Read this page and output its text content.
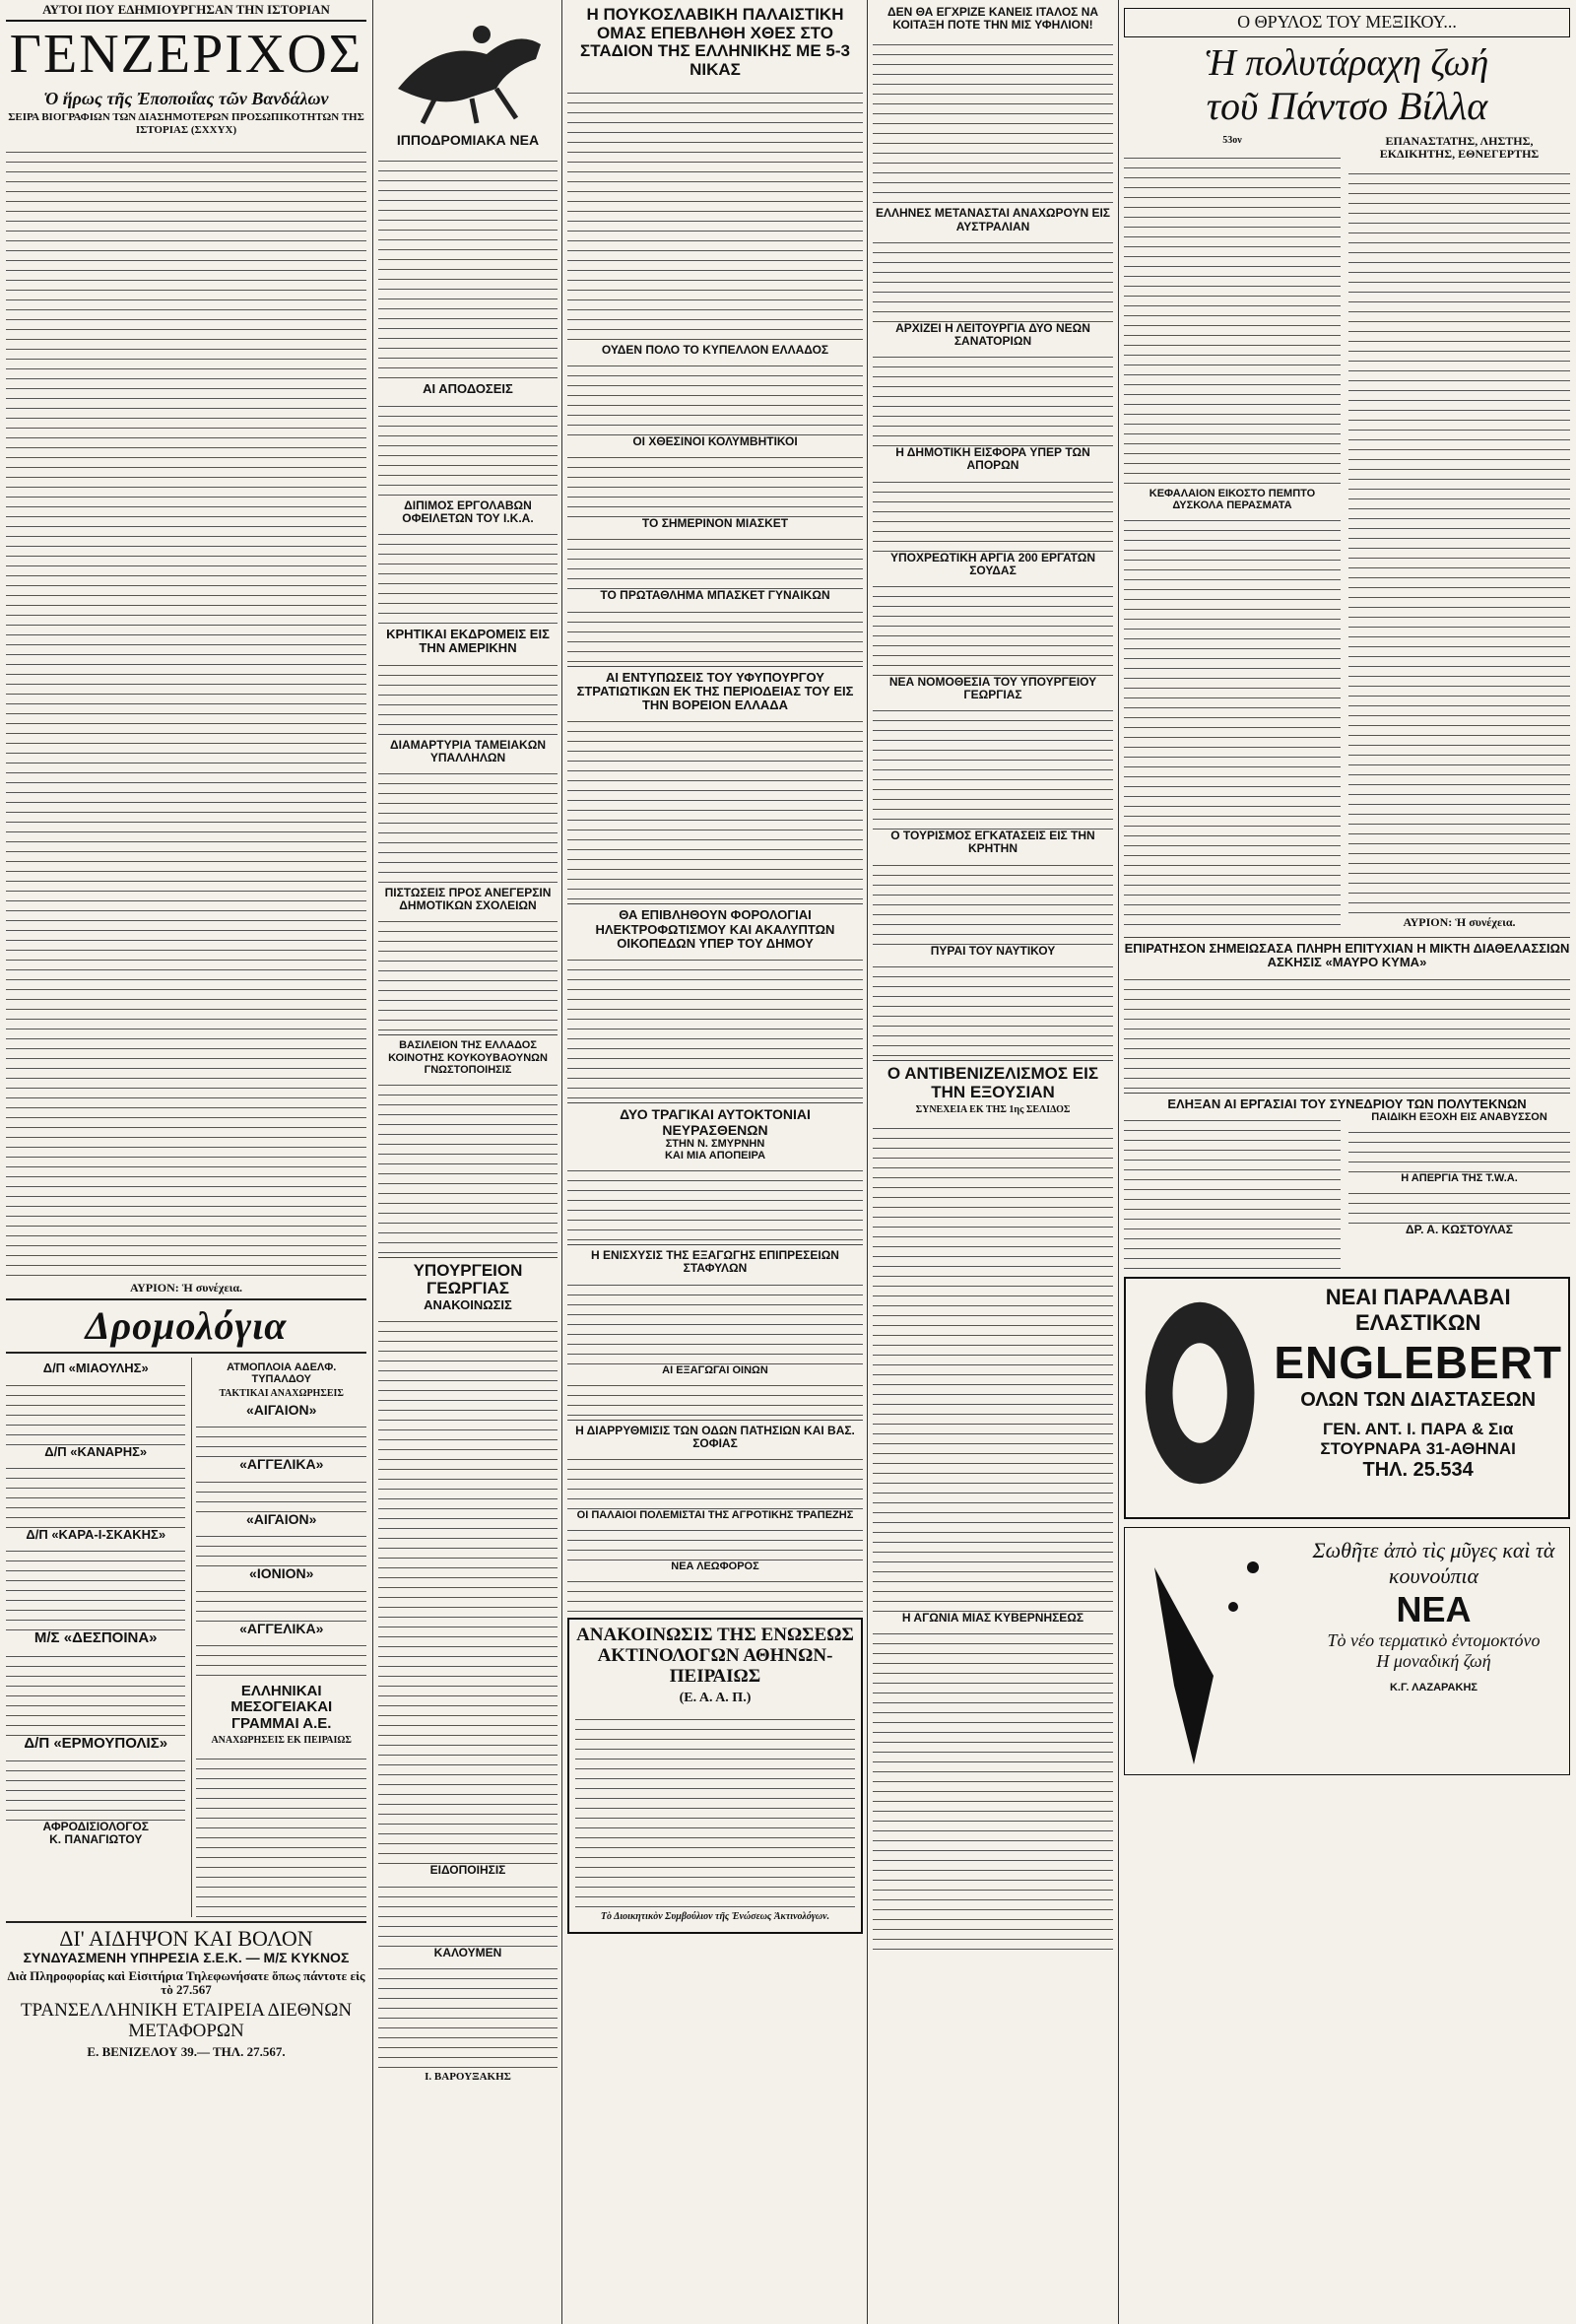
ΑΥΤΟΙ ΠΟΥ ΕΔΗΜΙΟΥΡΓΗΣΑΝ ΤΗΝ ΙΣΤΟΡΙΑΝ
ΓΕΝΖΕΡΙΧΟΣ
Ὁ ἥρως τῆς Ἐποποιΐας τῶν Βανδάλων
ΣΕΙΡΑ ΒΙΟΓΡΑΦΙΩΝ ΤΩΝ ΔΙΑΣΗΜΟΤΕΡΩΝ ΠΡΟΣΩΠΙΚΟΤΗΤΩΝ ΤΗΣ ΙΣΤΟΡΙΑΣ (ΣΧΧΥΧ)
ΑΥΡΙΟΝ: Ἡ συνέχεια.
Δρομολόγια
Δ/Π «ΜΙΑΟΥΛΗΣ»
Δ/Π «ΚΑΝΑΡΗΣ»
Δ/Π «ΚΑΡΑ-Ι-ΣΚΑΚΗΣ»
Μ/Σ «ΔΕΣΠΟΙΝΑ»
Δ/Π «ΕΡΜΟΥΠΟΛΙΣ»
ΑΦΡΟΔΙΣΙΟΛΟΓΟΣ
Κ. ΠΑΝΑΓΙΩΤΟΥ
ΑΤΜΟΠΛΟΙΑ ΑΔΕΛΦ. ΤΥΠΑΛΔΟΥ
ΤΑΚΤΙΚΑΙ ΑΝΑΧΩΡΗΣΕΙΣ
«ΑΙΓΑΙΟΝ»
«ΑΓΓΕΛΙΚΑ»
«ΑΙΓΑΙΟΝ»
«ΙΟΝΙΟΝ»
«ΑΓΓΕΛΙΚΑ»
ΕΛΛΗΝΙΚΑΙ ΜΕΣΟΓΕΙΑΚΑΙ ΓΡΑΜΜΑΙ Α.Ε.
ΑΝΑΧΩΡΗΣΕΙΣ ΕΚ ΠΕΙΡΑΙΩΣ
ΔΙ' ΑΙΔΗΨΟΝ ΚΑΙ ΒΟΛΟΝ
ΣΥΝΔΥΑΣΜΕΝΗ ΥΠΗΡΕΣΙΑ Σ.Ε.Κ. — Μ/Σ ΚΥΚΝΟΣ
Διὰ Πληροφορίας καὶ Εἰσιτήρια Τηλεφωνήσατε ὅπως πάντοτε εἰς τὸ 27.567
ΤΡΑΝΣΕΛΛΗΝΙΚΗ ΕΤΑΙΡΕΙΑ ΔΙΕΘΝΩΝ ΜΕΤΑΦΟΡΩΝ
Ε. ΒΕΝΙΖΕΛΟΥ 39.— ΤΗΛ. 27.567.
ΙΠΠΟΔΡΟΜΙΑΚΑ ΝΕΑ
ΑΙ ΑΠΟΔΟΣΕΙΣ
ΔΙΠΙΜΟΣ ΕΡΓΟΛΑΒΩΝ ΟΦΕΙΛΕΤΩΝ ΤΟΥ Ι.Κ.Α.
ΚΡΗΤΙΚΑΙ ΕΚΔΡΟΜΕΙΣ ΕΙΣ ΤΗΝ ΑΜΕΡΙΚΗΝ
ΔΙΑΜΑΡΤΥΡΙΑ ΤΑΜΕΙΑΚΩΝ ΥΠΑΛΛΗΛΩΝ
ΠΙΣΤΩΣΕΙΣ ΠΡΟΣ ΑΝΕΓΕΡΣΙΝ ΔΗΜΟΤΙΚΩΝ ΣΧΟΛΕΙΩΝ
ΒΑΣΙΛΕΙΟΝ ΤΗΣ ΕΛΛΑΔΟΣ
ΚΟΙΝΟΤΗΣ ΚΟΥΚΟΥΒΑΟΥΝΩΝ
ΓΝΩΣΤΟΠΟΙΗΣΙΣ
ΥΠΟΥΡΓΕΙΟΝ ΓΕΩΡΓΙΑΣ
ΑΝΑΚΟΙΝΩΣΙΣ
ΕΙΔΟΠΟΙΗΣΙΣ
ΚΑΛΟΥΜΕΝ
Ι. ΒΑΡΟΥΞΑΚΗΣ
Η ΠΟΥΚΟΣΛΑΒΙΚΗ ΠΑΛΑΙΣΤΙΚΗ ΟΜΑΣ ΕΠΕΒΛΗΘΗ ΧΘΕΣ ΣΤΟ ΣΤΑΔΙΟΝ ΤΗΣ ΕΛΛΗΝΙΚΗΣ ΜΕ 5-3 ΝΙΚΑΣ
ΟΥΔΕΝ ΠΟΛΟ ΤΟ ΚΥΠΕΛΛΟΝ ΕΛΛΑΔΟΣ
ΟΙ ΧΘΕΣΙΝΟΙ ΚΟΛΥΜΒΗΤΙΚΟΙ
ΤΟ ΣΗΜΕΡΙΝΟΝ ΜΙΑΣΚΕΤ
ΤΟ ΠΡΩΤΑΘΛΗΜΑ ΜΠΑΣΚΕΤ ΓΥΝΑΙΚΩΝ
ΑΙ ΕΝΤΥΠΩΣΕΙΣ ΤΟΥ ΥΦΥΠΟΥΡΓΟΥ ΣΤΡΑΤΙΩΤΙΚΩΝ ΕΚ ΤΗΣ ΠΕΡΙΟΔΕΙΑΣ ΤΟΥ ΕΙΣ ΤΗΝ ΒΟΡΕΙΟΝ ΕΛΛΑΔΑ
ΘΑ ΕΠΙΒΛΗΘΟΥΝ ΦΟΡΟΛΟΓΙΑΙ ΗΛΕΚΤΡΟΦΩΤΙΣΜΟΥ ΚΑΙ ΑΚΑΛΥΠΤΩΝ ΟΙΚΟΠΕΔΩΝ ΥΠΕΡ ΤΟΥ ΔΗΜΟΥ
ΔΥΟ ΤΡΑΓΙΚΑΙ ΑΥΤΟΚΤΟΝΙΑΙ ΝΕΥΡΑΣΘΕΝΩΝ
ΣΤΗΝ Ν. ΣΜΥΡΝΗΝ
ΚΑΙ ΜΙΑ ΑΠΟΠΕΙΡΑ
Η ΕΝΙΣΧΥΣΙΣ ΤΗΣ ΕΞΑΓΩΓΗΣ ΕΠΙΠΡΕΣΕΙΩΝ ΣΤΑΦΥΛΩΝ
ΑΙ ΕΞΑΓΩΓΑΙ ΟΙΝΩΝ
Η ΔΙΑΡΡΥΘΜΙΣΙΣ ΤΩΝ ΟΔΩΝ ΠΑΤΗΣΙΩΝ ΚΑΙ ΒΑΣ. ΣΟΦΙΑΣ
ΟΙ ΠΑΛΑΙΟΙ ΠΟΛΕΜΙΣΤΑΙ ΤΗΣ ΑΓΡΟΤΙΚΗΣ ΤΡΑΠΕΖΗΣ
ΝΕΑ ΛΕΩΦΟΡΟΣ
ΑΝΑΚΟΙΝΩΣΙΣ ΤΗΣ ΕΝΩΣΕΩΣ ΑΚΤΙΝΟΛΟΓΩΝ ΑΘΗΝΩΝ-ΠΕΙΡΑΙΩΣ
(Ε. Α. Α. Π.)
Τὸ Διοικητικὸν Συμβούλιον τῆς Ἑνώσεως Ἀκτινολόγων.
ΔΕΝ ΘΑ ΕΓΧΡΙΖΕ ΚΑΝΕΙΣ ΙΤΑΛΟΣ ΝΑ ΚΟΙΤΑΞΗ ΠΟΤΕ ΤΗΝ ΜΙΣ ΥΦΗΛΙΟΝ!
ΕΛΛΗΝΕΣ ΜΕΤΑΝΑΣΤΑΙ ΑΝΑΧΩΡΟΥΝ ΕΙΣ ΑΥΣΤΡΑΛΙΑΝ
ΑΡΧΙΖΕΙ Η ΛΕΙΤΟΥΡΓΙΑ ΔΥΟ ΝΕΩΝ ΣΑΝΑΤΟΡΙΩΝ
Η ΔΗΜΟΤΙΚΗ ΕΙΣΦΟΡΑ ΥΠΕΡ ΤΩΝ ΑΠΟΡΩΝ
ΥΠΟΧΡΕΩΤΙΚΗ ΑΡΓΙΑ 200 ΕΡΓΑΤΩΝ ΣΟΥΔΑΣ
ΝΕΑ ΝΟΜΟΘΕΣΙΑ ΤΟΥ ΥΠΟΥΡΓΕΙΟΥ ΓΕΩΡΓΙΑΣ
Ο ΤΟΥΡΙΣΜΟΣ ΕΓΚΑΤΑΣΕΙΣ ΕΙΣ ΤΗΝ ΚΡΗΤΗΝ
ΠΥΡΑΙ ΤΟΥ ΝΑΥΤΙΚΟΥ
Ο ΑΝΤΙΒΕΝΙΖΕΛΙΣΜΟΣ ΕΙΣ ΤΗΝ ΕΞΟΥΣΙΑΝ
ΣΥΝΕΧΕΙΑ ΕΚ ΤΗΣ 1ης ΣΕΛΙΔΟΣ
Η ΑΓΩΝΙΑ ΜΙΑΣ ΚΥΒΕΡΝΗΣΕΩΣ
Ο ΘΡΥΛΟΣ ΤΟΥ ΜΕΞΙΚΟΥ...
Ἡ πολυτάραχη ζωή
τοῦ Πάντσο Βίλλα
53ον
ΚΕΦΑΛΑΙΟΝ ΕΙΚΟΣΤΟ ΠΕΜΠΤΟ
ΔΥΣΚΟΛΑ ΠΕΡΑΣΜΑΤΑ
ΕΠΑΝΑΣΤΑΤΗΣ, ΛΗΣΤΗΣ, ΕΚΔΙΚΗΤΗΣ, ΕΘΝΕΓΕΡΤΗΣ
ΑΥΡΙΟΝ: Ἡ συνέχεια.
ΕΠΙΡΑΤΗΣΟΝ ΣΗΜΕΙΩΣΑΣΑ ΠΛΗΡΗ ΕΠΙΤΥΧΙΑΝ Η ΜΙΚΤΗ ΔΙΑΘΕΛΑΣΣΙΩΝ ΑΣΚΗΣΙΣ «ΜΑΥΡΟ ΚΥΜΑ»
ΕΛΗΞΑΝ ΑΙ ΕΡΓΑΣΙΑΙ ΤΟΥ ΣΥΝΕΔΡΙΟΥ ΤΩΝ ΠΟΛΥΤΕΚΝΩΝ
ΠΑΙΔΙΚΗ ΕΞΟΧΗ ΕΙΣ ΑΝΑΒΥΣΣΟΝ
Η ΑΠΕΡΓΙΑ ΤΗΣ Τ.W.A.
ΔΡ. Α. ΚΩΣΤΟΥΛΑΣ
ΝΕΑΙ ΠΑΡΑΛΑΒΑΙ ΕΛΑΣΤΙΚΩΝ
ENGLEBERT
ΟΛΩΝ ΤΩΝ ΔΙΑΣΤΑΣΕΩΝ
ΓΕΝ. ΑΝΤ. Ι. ΠΑΡΑ & Σια
ΣΤΟΥΡΝΑΡΑ 31-ΑΘΗΝΑΙ
ΤΗΛ. 25.534
Σωθῆτε ἀπὸ τὶς μῦγες καὶ τὰ κουνούπια
ΝΕΑ
Τὸ νέο τερματικὸ ἐντομοκτόνο
Η μοναδική ζωή
Κ.Γ. ΛΑΖΑΡΑΚΗΣ
